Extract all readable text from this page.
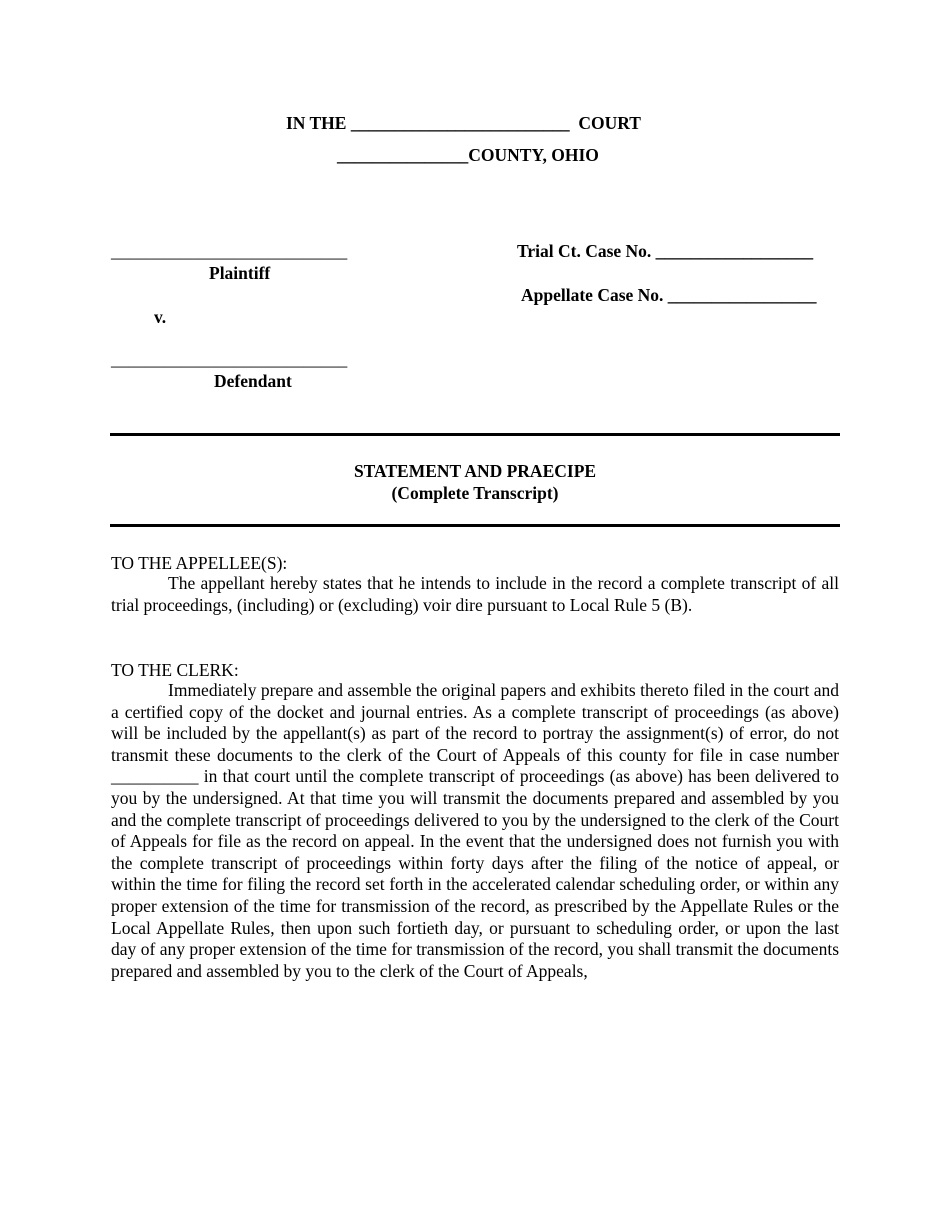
IN THE _________________________  COURT
_______________COUNTY, OHIO
___________________________
Plaintiff
v.
___________________________
Defendant
Trial Ct. Case No. __________________
Appellate Case No. _________________
STATEMENT AND PRAECIPE
(Complete Transcript)
TO THE APPELLEE(S):
The appellant hereby states that he intends to include in the record a complete transcript of all trial proceedings, (including) or (excluding) voir dire pursuant to Local Rule 5 (B).
TO THE CLERK:
Immediately prepare and assemble the original papers and exhibits thereto filed in the court and a certified copy of the docket and journal entries. As a complete transcript of proceedings (as above) will be included by the appellant(s) as part of the record to portray the assignment(s) of error, do not transmit these documents to the clerk of the Court of Appeals of this county for file in case number __________ in that court until the complete transcript of proceedings (as above) has been delivered to you by the undersigned. At that time you will transmit the documents prepared and assembled by you and the complete transcript of proceedings delivered to you by the undersigned to the clerk of the Court of Appeals for file as the record on appeal. In the event that the undersigned does not furnish you with the complete transcript of proceedings within forty days after the filing of the notice of appeal, or within the time for filing the record set forth in the accelerated calendar scheduling order, or within any proper extension of the time for transmission of the record, as prescribed by the Appellate Rules or the Local Appellate Rules, then upon such fortieth day, or pursuant to scheduling order, or upon the last day of any proper extension of the time for transmission of the record, you shall transmit the documents prepared and assembled by you to the clerk of the Court of Appeals,
